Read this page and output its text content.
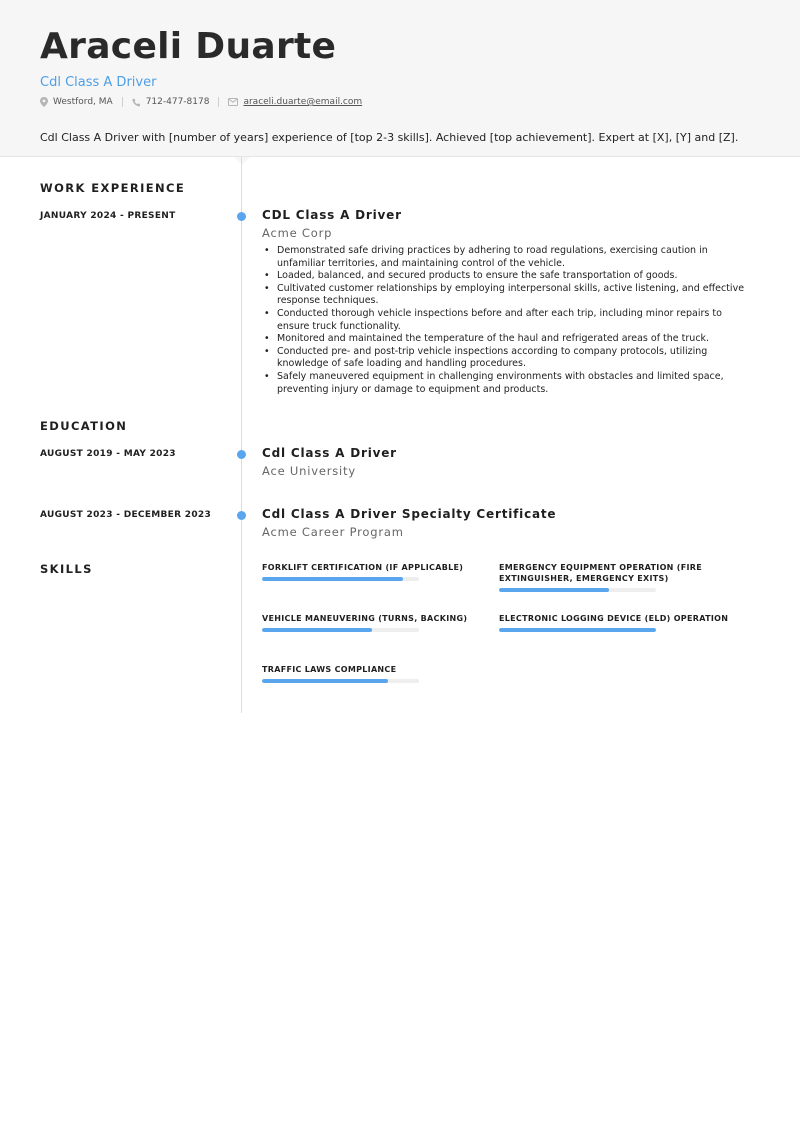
Araceli Duarte
Cdl Class A Driver
Westford, MA	712-477-8178	araceli.duarte@email.com
Cdl Class A Driver with [number of years] experience of [top 2-3 skills]. Achieved [top achievement]. Expert at [X], [Y] and [Z].
WORK EXPERIENCE
JANUARY 2024 - PRESENT	CDL Class A Driver
Acme Corp
• Demonstrated safe driving practices by adhering to road regulations, exercising caution in unfamiliar territories, and maintaining control of the vehicle.
• Loaded, balanced, and secured products to ensure the safe transportation of goods.
• Cultivated customer relationships by employing interpersonal skills, active listening, and effective response techniques.
• Conducted thorough vehicle inspections before and after each trip, including minor repairs to ensure truck functionality.
• Monitored and maintained the temperature of the haul and refrigerated areas of the truck.
• Conducted pre- and post-trip vehicle inspections according to company protocols, utilizing knowledge of safe loading and handling procedures.
• Safely maneuvered equipment in challenging environments with obstacles and limited space, preventing injury or damage to equipment and products.
EDUCATION
AUGUST 2019 - MAY 2023	Cdl Class A Driver
Ace University
AUGUST 2023 - DECEMBER 2023	Cdl Class A Driver Specialty Certificate
Acme Career Program
SKILLS	FORKLIFT CERTIFICATION (IF APPLICABLE)	EMERGENCY EQUIPMENT OPERATION (FIRE EXTINGUISHER, EMERGENCY EXITS)
VEHICLE MANEUVERING (TURNS, BACKING)	ELECTRONIC LOGGING DEVICE (ELD) OPERATION
TRAFFIC LAWS COMPLIANCE
